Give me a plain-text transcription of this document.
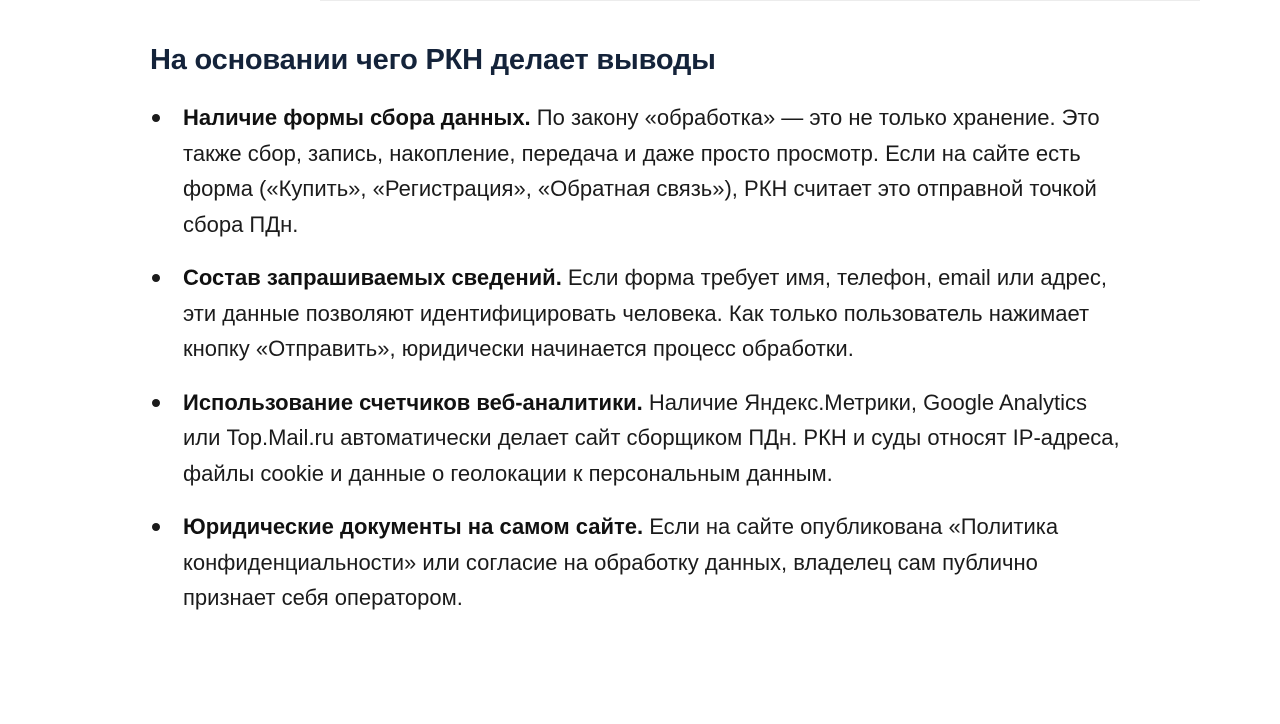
На основании чего РКН делает выводы
Наличие формы сбора данных. По закону «обработка» — это не только хранение. Это также сбор, запись, накопление, передача и даже просто просмотр. Если на сайте есть форма («Купить», «Регистрация», «Обратная связь»), РКН считает это отправной точкой сбора ПДн.
Состав запрашиваемых сведений. Если форма требует имя, телефон, email или адрес, эти данные позволяют идентифицировать человека. Как только пользователь нажимает кнопку «Отправить», юридически начинается процесс обработки.
Использование счетчиков веб-аналитики. Наличие Яндекс.Метрики, Google Analytics или Top.Mail.ru автоматически делает сайт сборщиком ПДн. РКН и суды относят IP-адреса, файлы cookie и данные о геолокации к персональным данным.
Юридические документы на самом сайте. Если на сайте опубликована «Политика конфиденциальности» или согласие на обработку данных, владелец сам публично признает себя оператором.
